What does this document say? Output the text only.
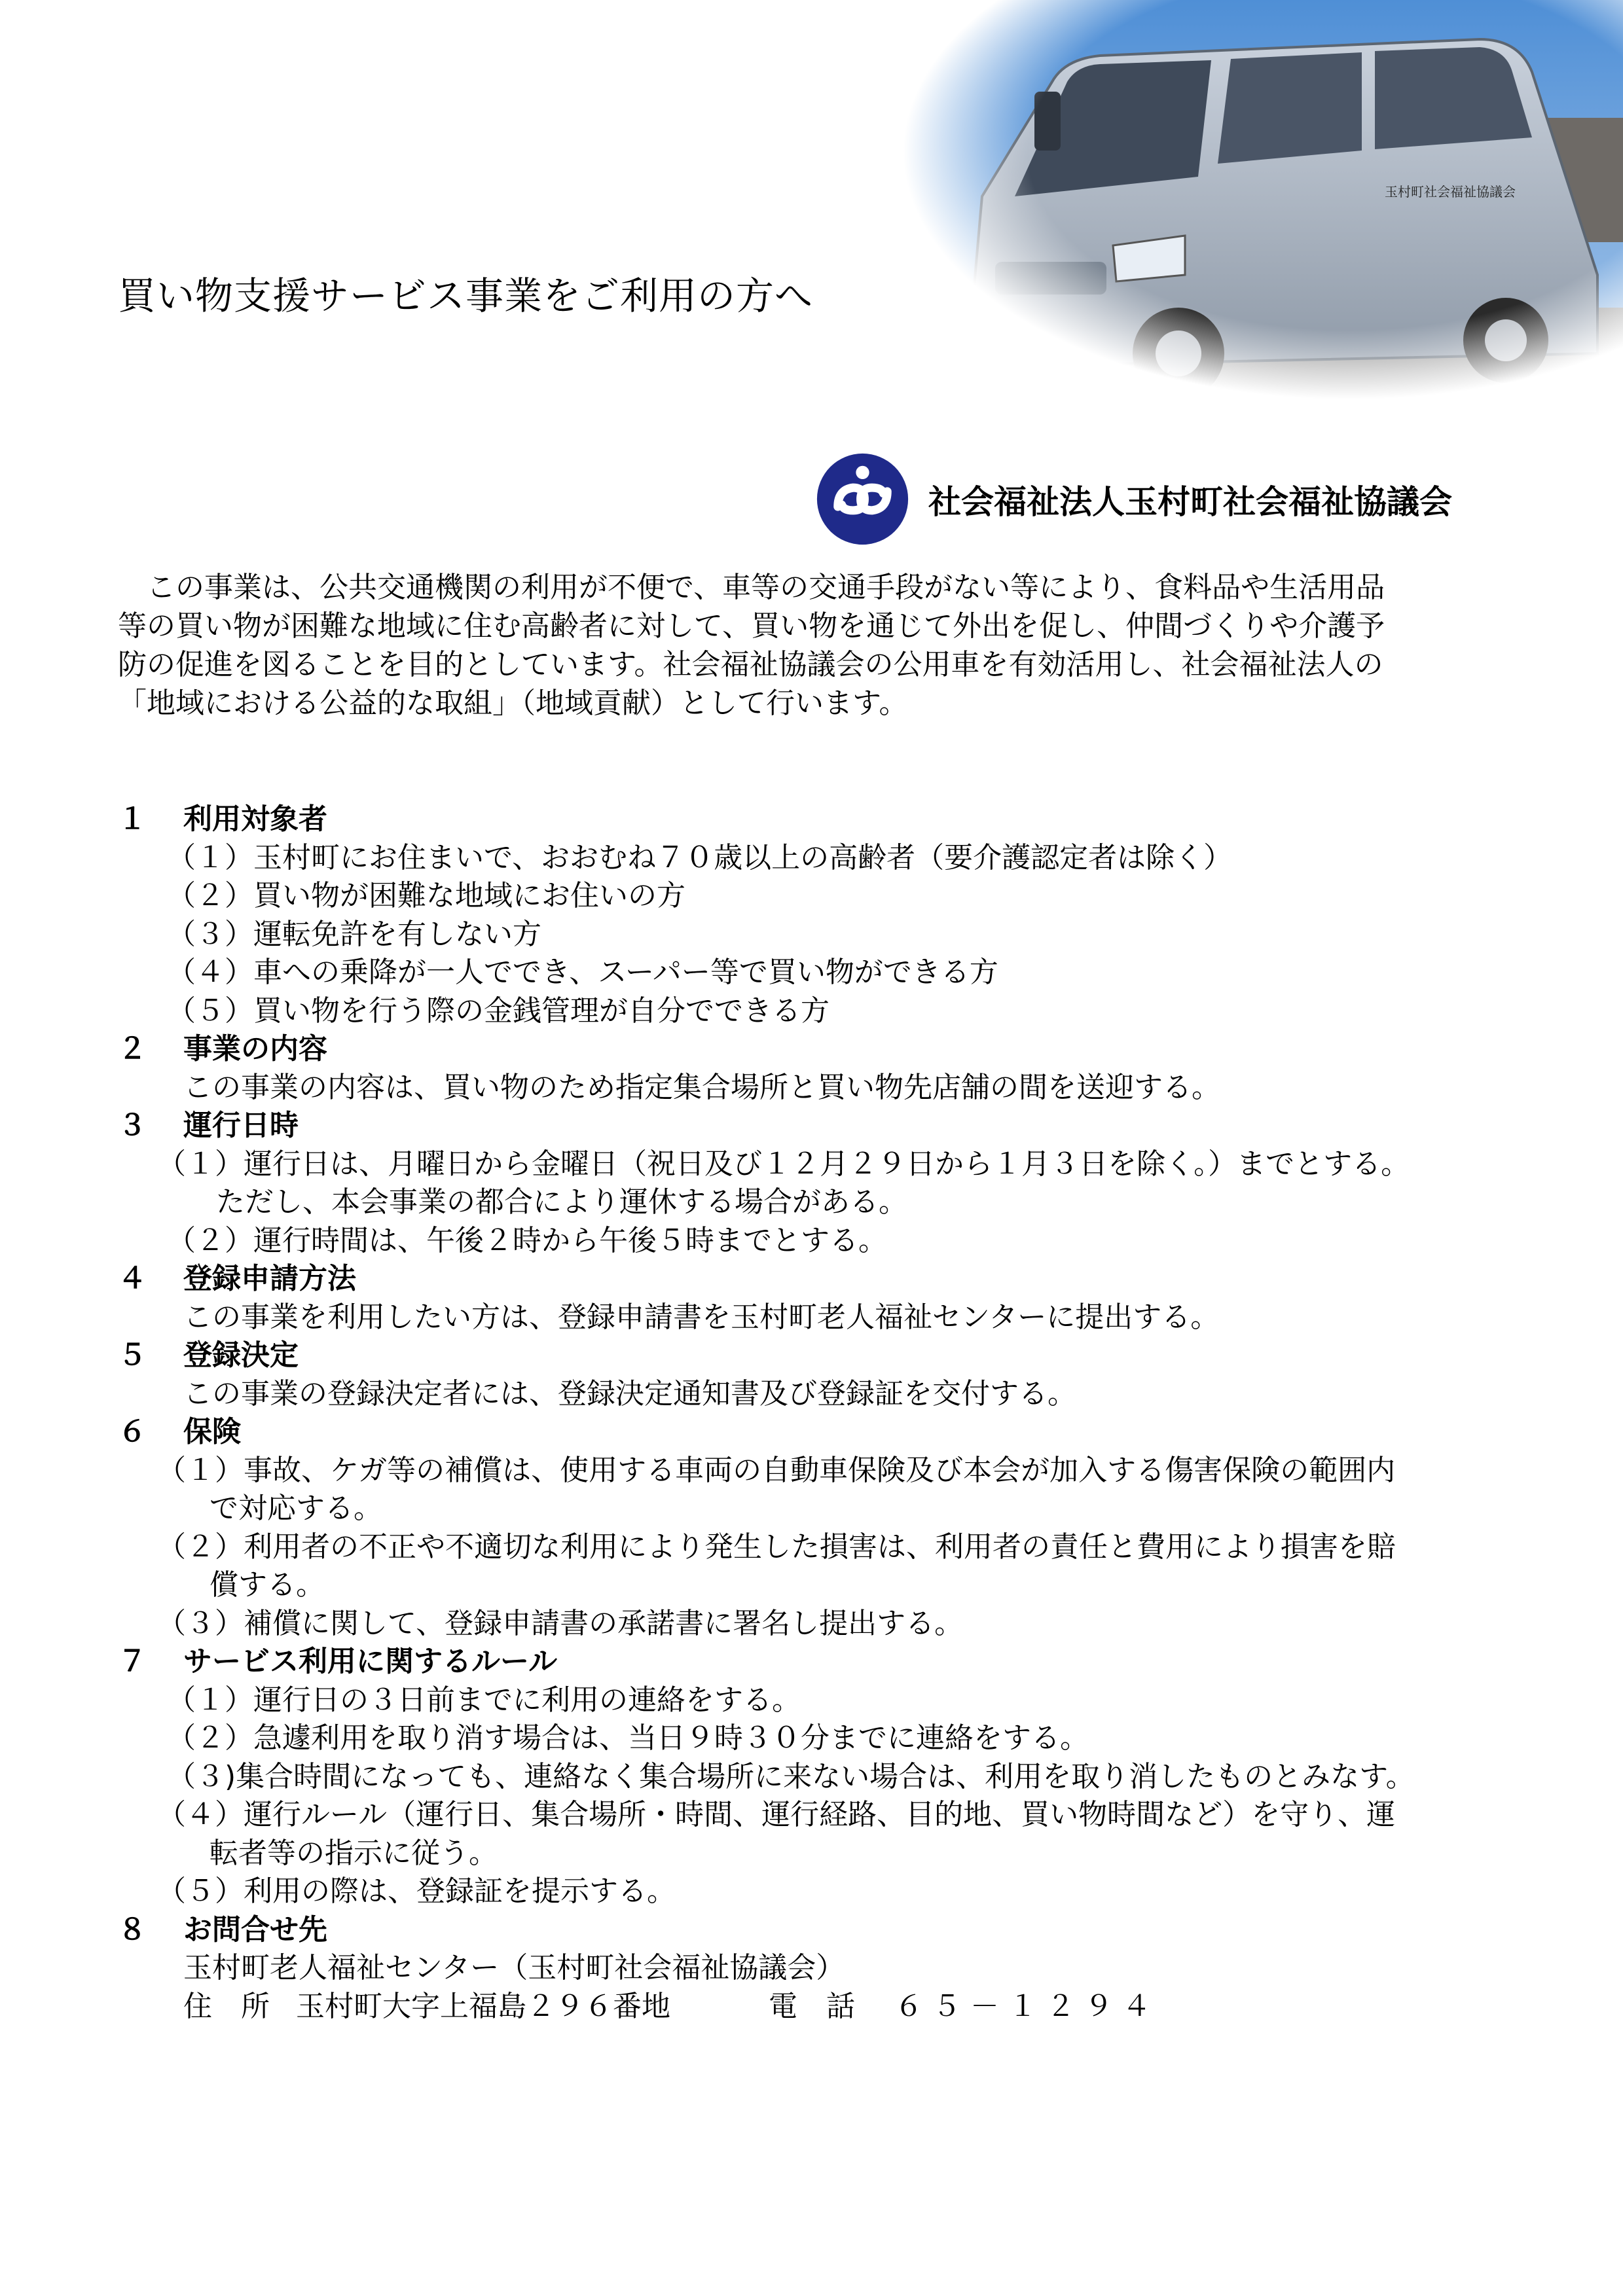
買い物支援サービス事業をご利用の方へ
社会福祉法人玉村町社会福祉協議会

　この事業は、公共交通機関の利用が不便で、車等の交通手段がない等により、食料品や生活用品

等の買い物が困難な地域に住む高齢者に対して、買い物を通じて外出を促し、仲間づくりや介護予

防の促進を図ることを目的としています。社会福祉協議会の公用車を有効活用し、社会福祉法人の

「地域における公益的な取組」（地域貢献）として行います。

１ 利用対象者
（１）玉村町にお住まいで、おおむね７０歳以上の高齢者（要介護認定者は除く）
（２）買い物が困難な地域にお住いの方
（３）運転免許を有しない方
（４）車への乗降が一人ででき、スーパー等で買い物ができる方
（５）買い物を行う際の金銭管理が自分でできる方
２ 事業の内容
この事業の内容は、買い物のため指定集合場所と買い物先店舗の間を送迎する。
３ 運行日時
（１）運行日は、月曜日から金曜日（祝日及び１２月２９日から１月３日を除く。）までとする。
ただし、本会事業の都合により運休する場合がある。
（２）運行時間は、午後２時から午後５時までとする。
４ 登録申請方法
この事業を利用したい方は、登録申請書を玉村町老人福祉センターに提出する。
５ 登録決定
この事業の登録決定者には、登録決定通知書及び登録証を交付する。
６ 保険
（１）事故、ケガ等の補償は、使用する車両の自動車保険及び本会が加入する傷害保険の範囲内
で対応する。
（２）利用者の不正や不適切な利用により発生した損害は、利用者の責任と費用により損害を賠
償する。
（３）補償に関して、登録申請書の承諾書に署名し提出する。
７ サービス利用に関するルール
（１）運行日の３日前までに利用の連絡をする。
（２）急遽利用を取り消す場合は、当日９時３０分までに連絡をする。
（３)集合時間になっても、連絡なく集合場所に来ない場合は、利用を取り消したものとみなす。
（４）運行ルール（運行日、集合場所・時間、運行経路、目的地、買い物時間など）を守り、運
転者等の指示に従う。
（５）利用の際は、登録証を提示する。
８ お問合せ先
玉村町老人福祉センター（玉村町社会福祉協議会）
住　所 玉村町大字上福島２９６番地	電　話 ６５－１２９４
